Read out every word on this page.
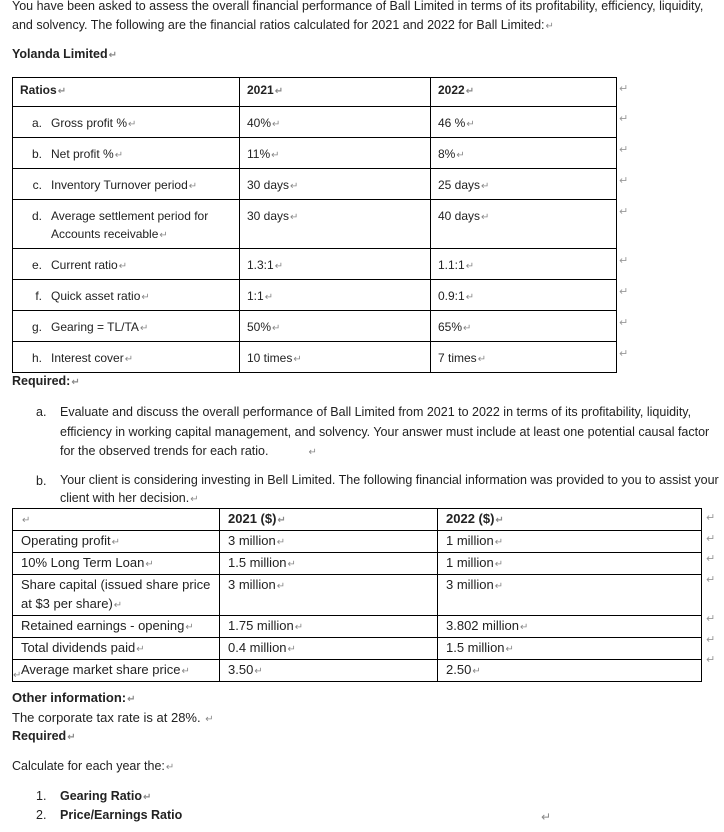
You have been asked to assess the overall financial performance of Ball Limited in terms of its profitability, efficiency, liquidity, and solvency. The following are the financial ratios calculated for 2021 and 2022 for Ball Limited:↵
Yolanda Limited↵
Ratios↵	2021↵	2022↵
a. Gross profit %↵	40%↵	46 %↵
b. Net profit %↵	11%↵	8%↵
c. Inventory Turnover period↵	30 days↵	25 days↵

d. Average settlement period for Accounts receivable↵	30 days↵	40 days↵
e. Current ratio↵	1.3:1↵	1.1:1↵
f. Quick asset ratio↵	1:1↵	0.9:1↵
g. Gearing = TL/TA↵	50%↵	65%↵
h. Interest cover↵	10 times↵	7 times↵
↵
↵
↵
↵
↵
↵
↵
↵
↵
Required:↵
a.	Evaluate and discuss the overall performance of Ball Limited from 2021 to 2022 in terms of its profitability, liquidity, efficiency in working capital management, and solvency. Your answer must include at least one potential causal factor for the observed trends for each ratio.	↵
b.	Your client is considering investing in Bell Limited. The following financial information was provided to you to assist your client with her decision.↵
↵	2021 ($)↵	2022 ($)↵
Operating profit↵	3 million↵	1 million↵
10% Long Term Loan↵	1.5 million↵	1 million↵
Share capital (issued share price at $3 per share)↵	3 million↵	3 million↵
Retained earnings - opening↵	1.75 million↵	3.802 million↵
Total dividends paid↵	0.4 million↵	1.5 million↵
Average market share price↵	3.50↵	2.50↵
↵
↵
↵
↵
↵
↵
↵
↵
Other information:↵
The corporate tax rate is at 28%. ↵
Required↵
Calculate for each year the:↵
1. Gearing Ratio↵
2. Price/Earnings Ratio	↵
